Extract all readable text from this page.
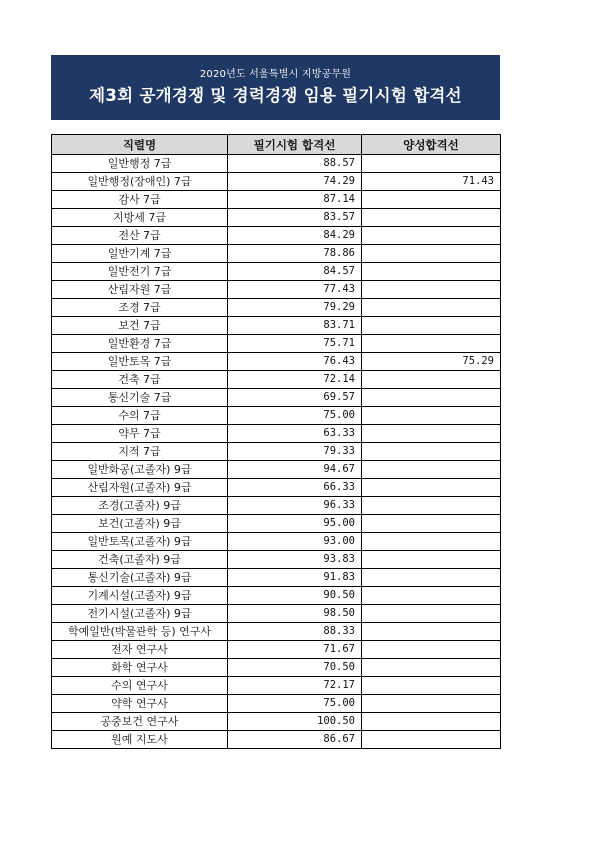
2020년도 서울특별시 지방공무원
제3회 공개경쟁 및 경력경쟁 임용 필기시험 합격선
직렬명	필기시험 합격선	양성합격선
일반행정 7급	88.57	
일반행정(장애인) 7급	74.29	71.43
감사 7급	87.14	
지방세 7급	83.57	
전산 7급	84.29	
일반기계 7급	78.86	
일반전기 7급	84.57	
산림자원 7급	77.43	
조경 7급	79.29	
보건 7급	83.71	
일반환경 7급	75.71	
일반토목 7급	76.43	75.29
건축 7급	72.14	
통신기술 7급	69.57	
수의 7급	75.00	
약무 7급	63.33	
지적 7급	79.33	
일반화공(고졸자) 9급	94.67	
산림자원(고졸자) 9급	66.33	
조경(고졸자) 9급	96.33	
보건(고졸자) 9급	95.00	
일반토목(고졸자) 9급	93.00	
건축(고졸자) 9급	93.83	
통신기술(고졸자) 9급	91.83	
기계시설(고졸자) 9급	90.50	
전기시설(고졸자) 9급	98.50	
학예일반(박물관학 등) 연구사	88.33	
전자 연구사	71.67	
화학 연구사	70.50	
수의 연구사	72.17	
약학 연구사	75.00	
공중보건 연구사	100.50	
원예 지도사	86.67	
